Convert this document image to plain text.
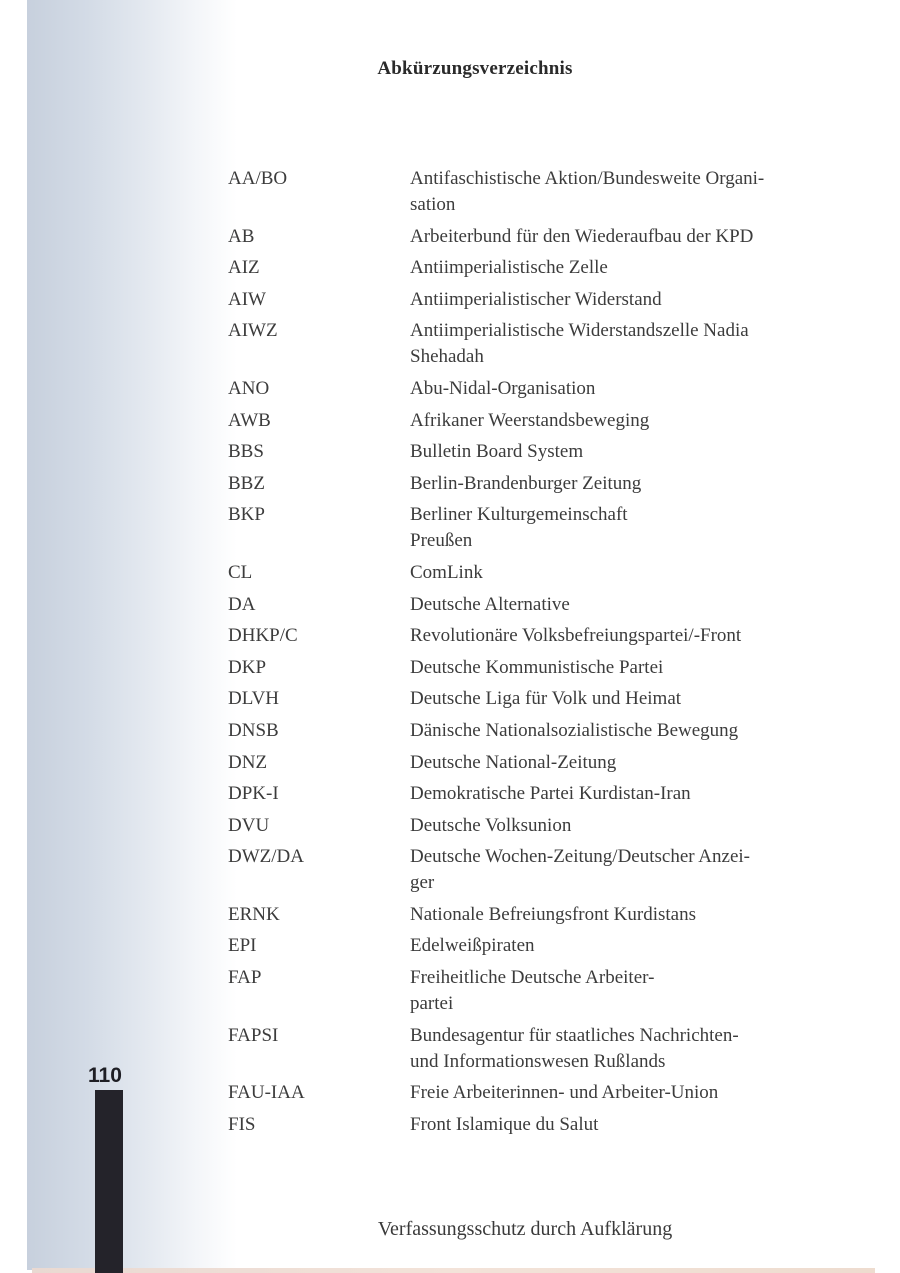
Abkürzungsverzeichnis
AA/BO	Antifaschistische Aktion/Bundesweite Organi-
sation
AB	Arbeiterbund für den Wiederaufbau der KPD
AIZ	Antiimperialistische Zelle
AIW	Antiimperialistischer Widerstand
AIWZ	Antiimperialistische Widerstandszelle Nadia
Shehadah
ANO	Abu-Nidal-Organisation
AWB	Afrikaner Weerstandsbeweging
BBS	Bulletin Board System
BBZ	Berlin-Brandenburger Zeitung
BKP	Berliner Kulturgemeinschaft
Preußen
CL	ComLink
DA	Deutsche Alternative
DHKP/C	Revolutionäre Volksbefreiungspartei/-Front
DKP	Deutsche Kommunistische Partei
DLVH	Deutsche Liga für Volk und Heimat
DNSB	Dänische Nationalsozialistische Bewegung
DNZ	Deutsche National-Zeitung
DPK-I	Demokratische Partei Kurdistan-Iran
DVU	Deutsche Volksunion
DWZ/DA	Deutsche Wochen-Zeitung/Deutscher Anzei-
ger
ERNK	Nationale Befreiungsfront Kurdistans
EPI	Edelweißpiraten
FAP	Freiheitliche Deutsche Arbeiter-
partei
FAPSI	Bundesagentur für staatliches Nachrichten-
und Informationswesen Rußlands
FAU-IAA	Freie Arbeiterinnen- und Arbeiter-Union
FIS	Front Islamique du Salut
110
Verfassungsschutz durch Aufklärung
